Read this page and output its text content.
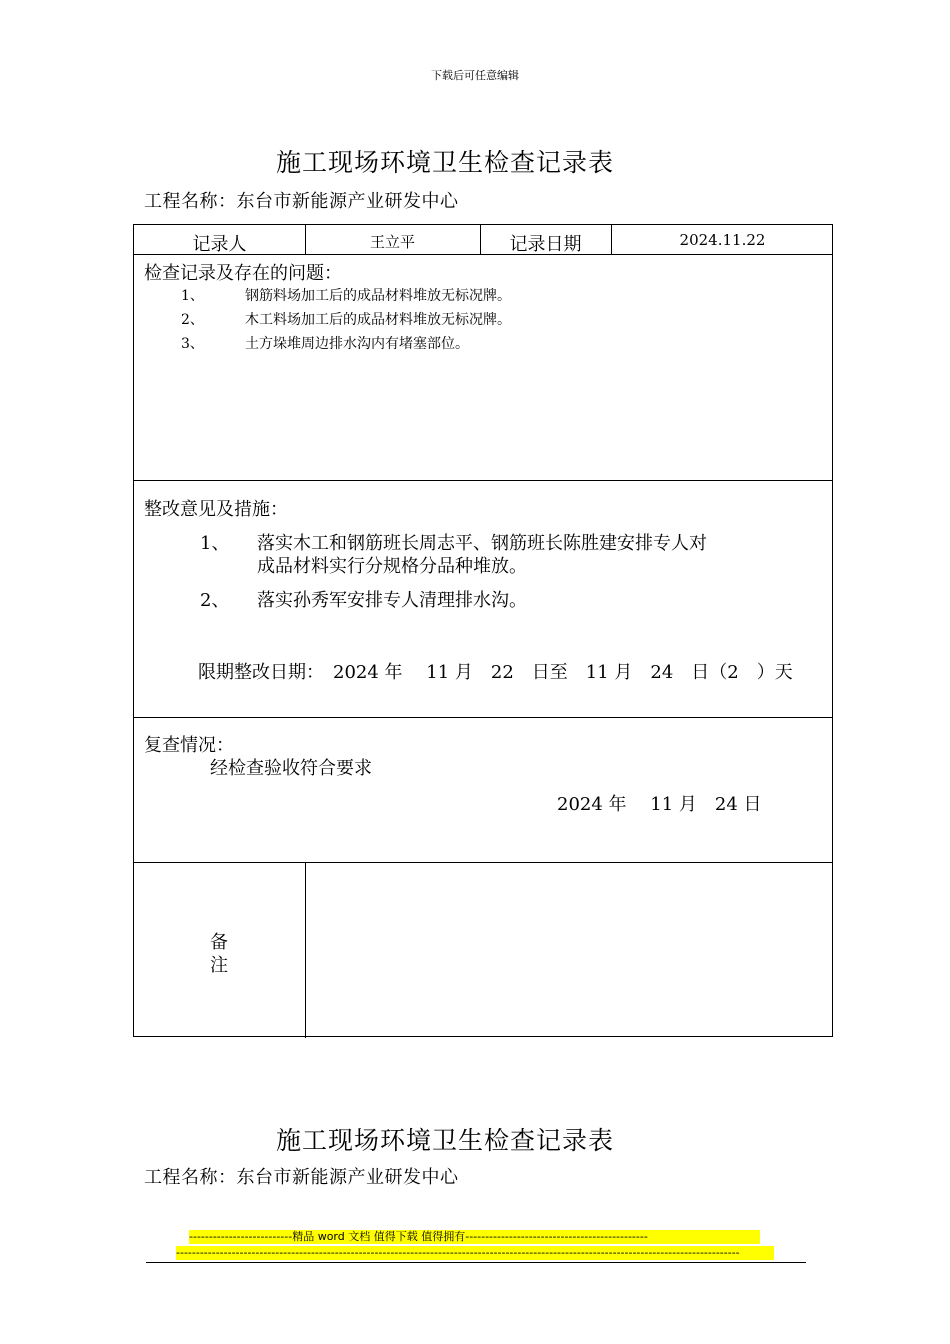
下载后可任意编辑
施工现场环境卫生检查记录表
工程名称：东台市新能源产业研发中心
记录人	王立平	记录日期	2024.11.22
检查记录及存在的问题：
1、	钢筋料场加工后的成品材料堆放无标况牌。
2、	木工料场加工后的成品材料堆放无标况牌。
3、	土方垛堆周边排水沟内有堵塞部位。
整改意见及措施：
1、 落实木工和钢筋班长周志平、钢筋班长陈胜建安排专人对
成品材料实行分规格分品种堆放。
2、 落实孙秀军安排专人清理排水沟。
限期整改日期：　2024 年　 11 月　22　日至　11 月　24　日（2　）天
复查情况：
经检查验收符合要求
2024 年　 11 月　24 日
备
注
施工现场环境卫生检查记录表
工程名称：东台市新能源产业研发中心
--------------------------精品 word 文档 值得下载 值得拥有----------------------------------------------
----------------------------------------------------------------------------------------------------------------------------------------------
